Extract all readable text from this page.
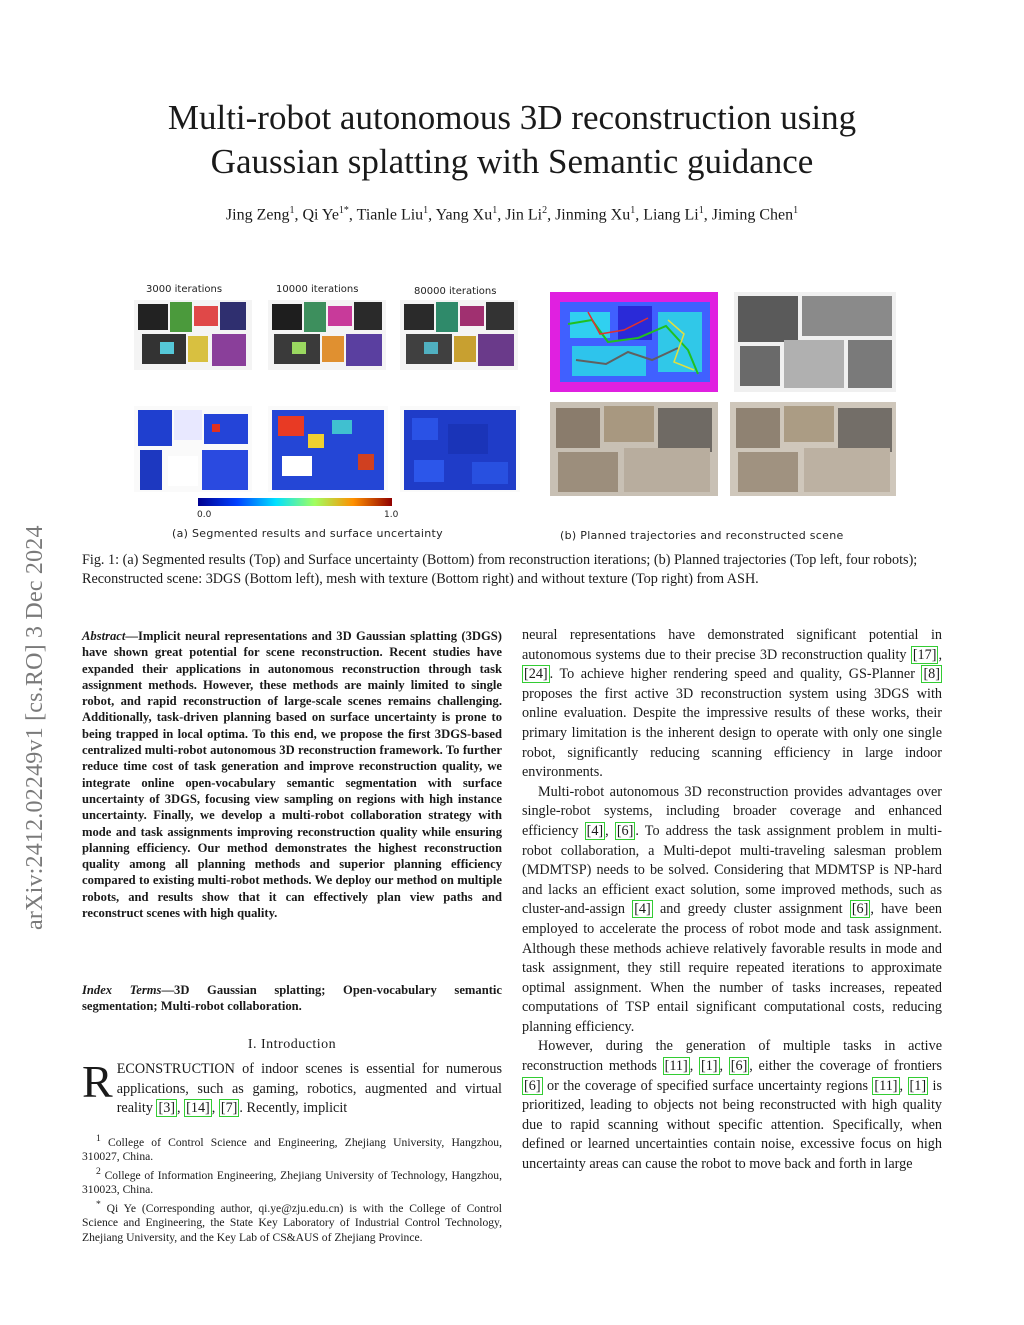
arXiv:2412.02249v1 [cs.RO] 3 Dec 2024
Multi-robot autonomous 3D reconstruction using
Gaussian splatting with Semantic guidance
Jing Zeng$^1$, Qi $Ye^{1*}$, Tianle Liu$^1$, Yang Xu$^1$, Jin Li$^2$, Jinming Xu$^1$, Liang Li$^1$, Jiming Chen$^1$
3000 iterations	10000 iterations	80000 iterations
0.0	1.0
(a) Segmented results and surface uncertainty	(b) Planned trajectories and reconstructed scene
Fig. 1: (a) Segmented results (Top) and Surface uncertainty (Bottom) from reconstruction iterations; (b) Planned trajectories (Top left, four robots); Reconstructed scene: 3DGS (Bottom left), mesh with texture (Bottom right) and without texture (Top right) from ASH.
Abstract—Implicit neural representations and 3D Gaussian splatting (3DGS) have shown great potential for scene reconstruction. Recent studies have expanded their applications in autonomous reconstruction through task assignment methods. However, these methods are mainly limited to single robot, and rapid reconstruction of large-scale scenes remains challenging. Additionally, task-driven planning based on surface uncertainty is prone to being trapped in local optima. To this end, we propose the first 3DGS-based centralized multi-robot autonomous 3D reconstruction framework. To further reduce time cost of task generation and improve reconstruction quality, we integrate online open-vocabulary semantic segmentation with surface uncertainty of 3DGS, focusing view sampling on regions with high instance uncertainty. Finally, we develop a multi-robot collaboration strategy with mode and task assignments improving reconstruction quality while ensuring planning efficiency. Our method demonstrates the highest reconstruction quality among all planning methods and superior planning efficiency compared to existing multi-robot methods. We deploy our method on multiple robots, and results show that it can effectively plan view paths and reconstruct scenes with high quality.
Index Terms—3D Gaussian splatting; Open-vocabulary semantic segmentation; Multi-robot collaboration.
I. Introduction
RECONSTRUCTION of indoor scenes is essential for numerous applications, such as gaming, robotics, augmented and virtual reality [3] , [14] , [7] . Recently, implicit

$^1$ College of Control Science and Engineering, Zhejiang University, Hangzhou, 310027, China.

$^2$ College of Information Engineering, Zhejiang University of Technology, Hangzhou, 310023, China.

* Qi Ye (Corresponding author, qi.ye@zju.edu.cn) is with the College of Control Science and Engineering, the State Key Laboratory of Industrial Control Technology, Zhejiang University, and the Key Lab of CS&AUS of Zhejiang Province.

neural representations have demonstrated significant potential in autonomous systems due to their precise 3D reconstruction quality [17] , [24] . To achieve higher rendering speed and quality, GS-Planner [8] proposes the first active 3D reconstruction system using 3DGS with online evaluation. Despite the impressive results of these works, their primary limitation is the inherent design to operate with only one single robot, significantly reducing scanning efficiency in large indoor environments.

Multi-robot autonomous 3D reconstruction provides advantages over single-robot systems, including broader coverage and enhanced efficiency [4] , [6] . To address the task assignment problem in multi-robot collaboration, a Multi-depot multi-traveling salesman problem (MDMTSP) needs to be solved. Considering that MDMTSP is NP-hard and lacks an efficient exact solution, some improved methods, such as cluster-and-assign [4] and greedy cluster assignment [6] , have been employed to accelerate the process of robot mode and task assignment. Although these methods achieve relatively favorable results in mode and task assignment, they still require repeated iterations to approximate optimal assignment. When the number of tasks increases, repeated computations of TSP entail significant computational costs, reducing planning efficiency.

However, during the generation of multiple tasks in active reconstruction methods [11] , [1] , [6] , either the coverage of frontiers [6] or the coverage of specified surface uncertainty regions [11] , [1] is prioritized, leading to objects not being reconstructed with high quality due to rapid scanning without specific attention. Specifically, when defined or learned uncertainties contain noise, excessive focus on high uncertainty areas can cause the robot to move back and forth in large
